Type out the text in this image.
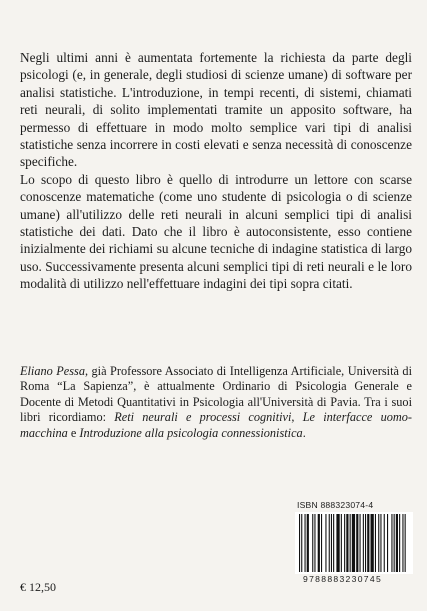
Negli ultimi anni è aumentata fortemente la richiesta da parte degli psicologi (e, in generale, degli studiosi di scienze umane) di software per analisi statistiche. L'introduzione, in tempi recenti, di sistemi, chiamati reti neurali, di solito implementati tramite un apposito software, ha permesso di effettuare in modo molto semplice vari tipi di analisi statistiche senza incorrere in costi elevati e senza necessità di conoscenze specifiche.

Lo scopo di questo libro è quello di introdurre un lettore con scarse conoscenze matematiche (come uno studente di psicologia o di scienze umane) all'utilizzo delle reti neurali in alcuni semplici tipi di analisi statistiche dei dati. Dato che il libro è autoconsistente, esso contiene inizialmente dei richiami su alcune tecniche di indagine statistica di largo uso. Successivamente presenta alcuni semplici tipi di reti neurali e le loro modalità di utilizzo nell'effettuare indagini dei tipi sopra citati.

Eliano Pessa, già Professore Associato di Intelligenza Artificiale, Università di Roma “La Sapienza”, è attualmente Ordinario di Psicologia Generale e Docente di Metodi Quantitativi in Psicologia all'Università di Pavia. Tra i suoi libri ricordiamo: Reti neurali e processi cognitivi, Le interfacce uomo-macchina e Introduzione alla psicologia connessionistica.
ISBN 888323074-4
9788883230745
€ 12,50
